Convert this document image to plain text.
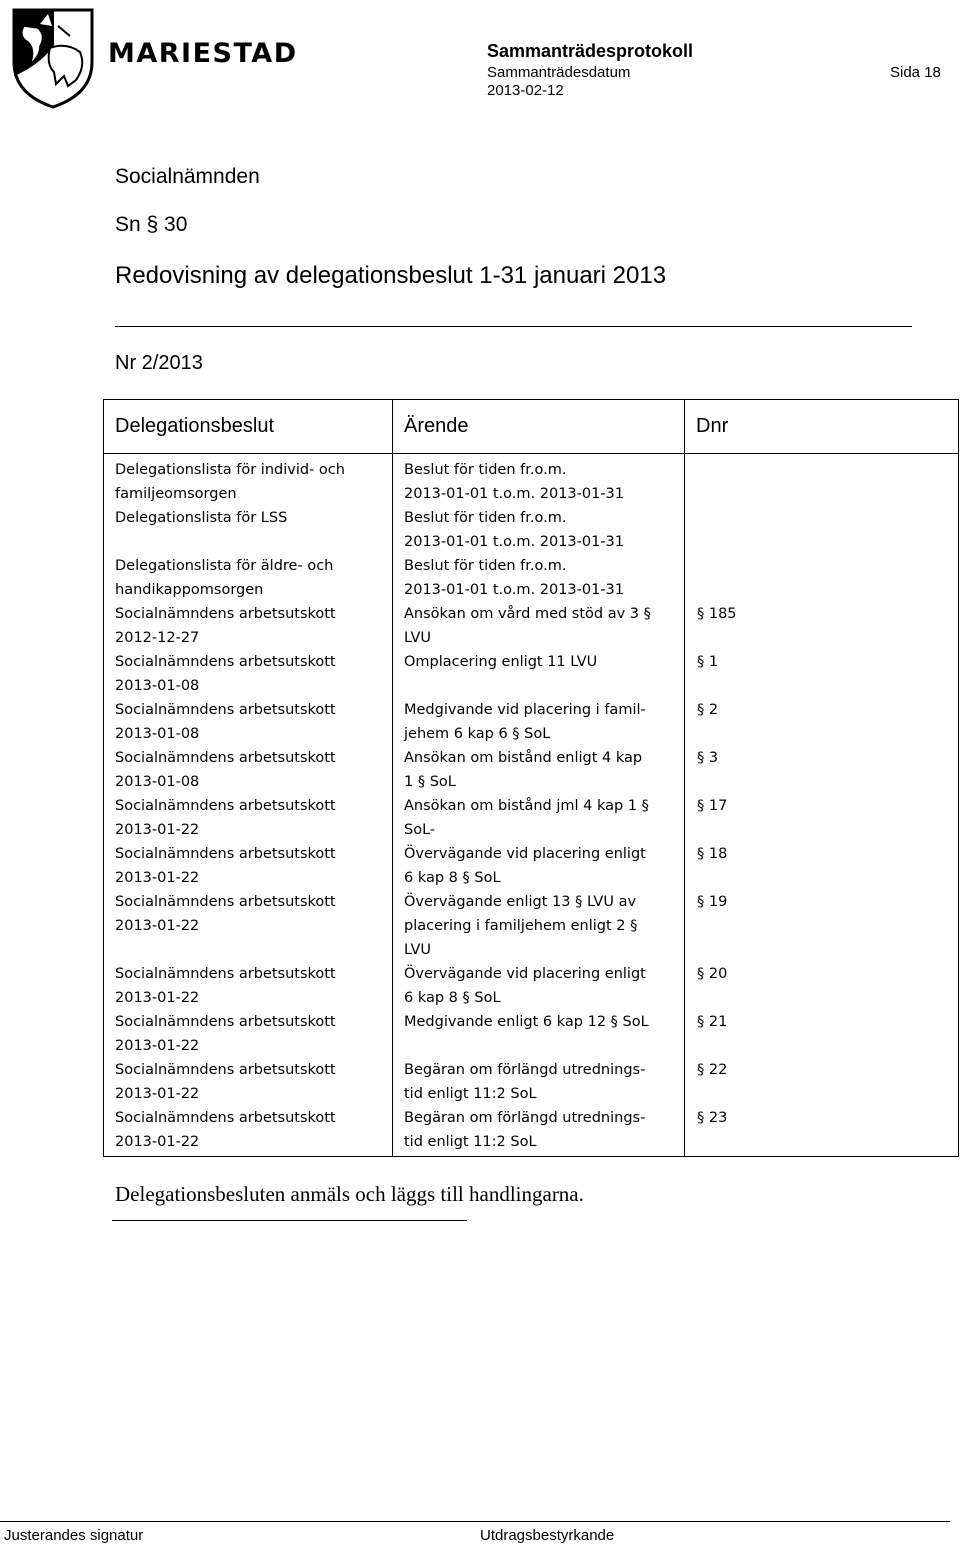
MARIESTAD	Sammanträdesprotokoll
Sammanträdesdatum	Sida 18
2013-02-12
Socialnämnden
Sn § 30
Redovisning av delegationsbeslut 1-31 januari 2013
Nr 2/2013
Delegationsbeslut	Ärende	Dnr

Delegationslista för individ- och
familjeomsorgen	Beslut för tiden fr.o.m.
2013-01-01 t.o.m. 2013-01-31	

Delegationslista för LSS	Beslut för tiden fr.o.m.
2013-01-01 t.o.m. 2013-01-31	

Delegationslista för äldre- och
handikappomsorgen	Beslut för tiden fr.o.m.
2013-01-01 t.o.m. 2013-01-31	

Socialnämndens arbetsutskott
2012-12-27	Ansökan om vård med stöd av 3 §
LVU	§ 185

Socialnämndens arbetsutskott
2013-01-08	Omplacering enligt 11 LVU	§ 1

Socialnämndens arbetsutskott
2013-01-08	Medgivande vid placering i famil-
jehem 6 kap 6 § SoL	§ 2

Socialnämndens arbetsutskott
2013-01-08	Ansökan om bistånd enligt 4 kap
1 § SoL	§ 3

Socialnämndens arbetsutskott
2013-01-22	Ansökan om bistånd jml 4 kap 1 §
SoL-	§ 17

Socialnämndens arbetsutskott
2013-01-22	Övervägande vid placering enligt
6 kap 8 § SoL	§ 18

Socialnämndens arbetsutskott
2013-01-22	Övervägande enligt 13 § LVU av
placering i familjehem enligt 2 §
LVU	§ 19

Socialnämndens arbetsutskott
2013-01-22	Övervägande vid placering enligt
6 kap 8 § SoL	§ 20

Socialnämndens arbetsutskott
2013-01-22	Medgivande enligt 6 kap 12 § SoL	§ 21

Socialnämndens arbetsutskott
2013-01-22	Begäran om förlängd utrednings-
tid enligt 11:2 SoL	§ 22

Socialnämndens arbetsutskott
2013-01-22	Begäran om förlängd utrednings-
tid enligt 11:2 SoL	§ 23
Delegationsbesluten anmäls och läggs till handlingarna.
Justerandes signatur	Utdragsbestyrkande
